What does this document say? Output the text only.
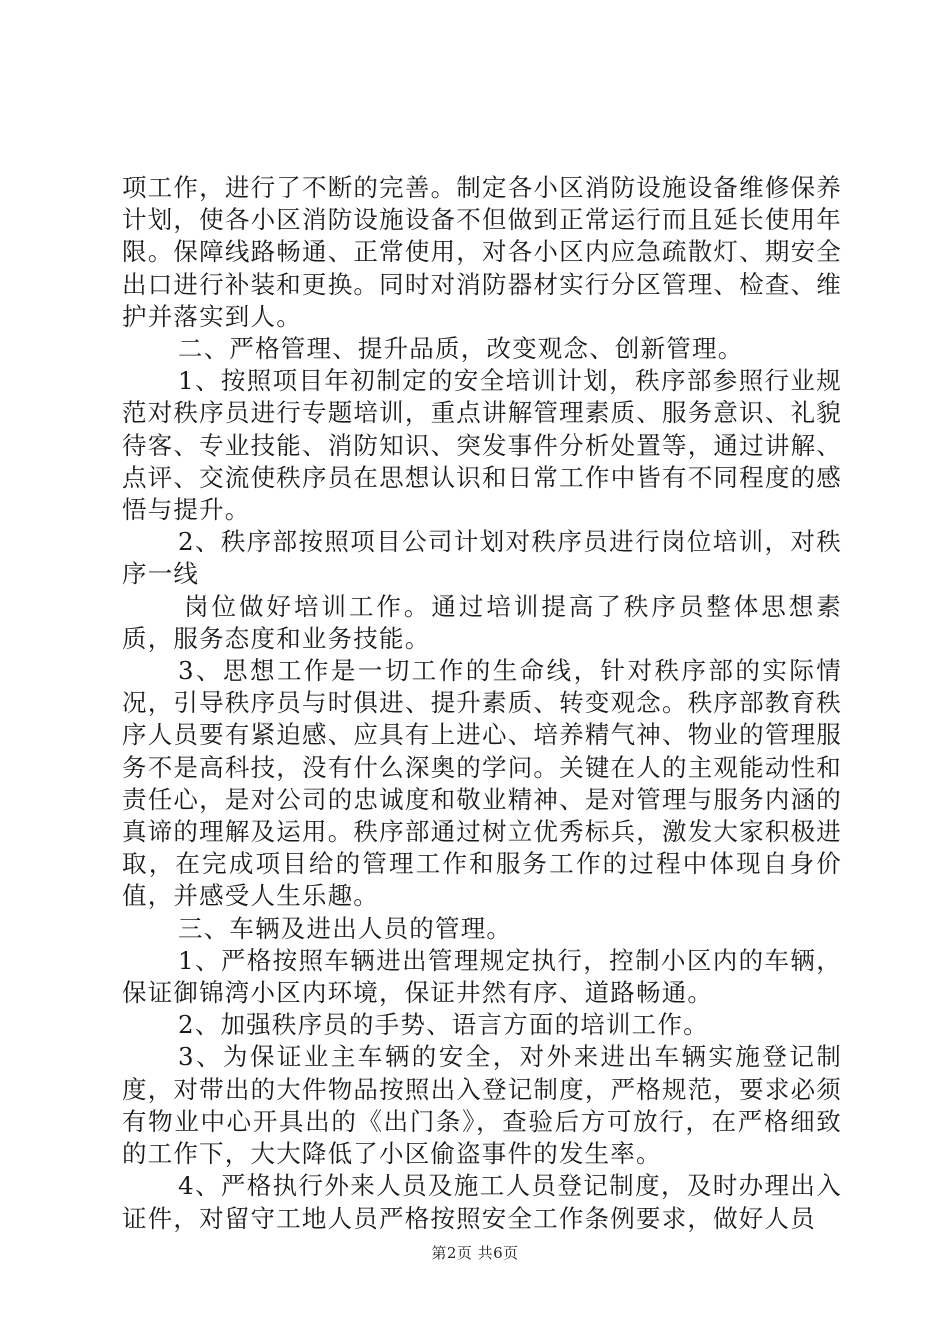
项工作，进行了不断的完善。制定各小区消防设施设备维修保养计划，使各小区消防设施设备不但做到正常运行而且延长使用年限。保障线路畅通、正常使用，对各小区内应急疏散灯、期安全出口进行补装和更换。同时对消防器材实行分区管理、检查、维护并落实到人。

二、严格管理、提升品质，改变观念、创新管理。

1、按照项目年初制定的安全培训计划，秩序部参照行业规范对秩序员进行专题培训，重点讲解管理素质、服务意识、礼貌待客、专业技能、消防知识、突发事件分析处置等，通过讲解、点评、交流使秩序员在思想认识和日常工作中皆有不同程度的感悟与提升。

2、秩序部按照项目公司计划对秩序员进行岗位培训，对秩序一线

岗位做好培训工作。通过培训提高了秩序员整体思想素质，服务态度和业务技能。

3、思想工作是一切工作的生命线，针对秩序部的实际情况，引导秩序员与时俱进、提升素质、转变观念。秩序部教育秩序人员要有紧迫感、应具有上进心、培养精气神、物业的管理服务不是高科技，没有什么深奥的学问。关键在人的主观能动性和责任心，是对公司的忠诚度和敬业精神、是对管理与服务内涵的真谛的理解及运用。秩序部通过树立优秀标兵，激发大家积极进取，在完成项目给的管理工作和服务工作的过程中体现自身价值，并感受人生乐趣。

三、车辆及进出人员的管理。

1、严格按照车辆进出管理规定执行，控制小区内的车辆，保证御锦湾小区内环境，保证井然有序、道路畅通。

2、加强秩序员的手势、语言方面的培训工作。

3、为保证业主车辆的安全，对外来进出车辆实施登记制度，对带出的大件物品按照出入登记制度，严格规范，要求必须有物业中心开具出的《出门条》，查验后方可放行，在严格细致的工作下，大大降低了小区偷盗事件的发生率。

4、严格执行外来人员及施工人员登记制度，及时办理出入证件，对留守工地人员严格按照安全工作条例要求，做好人员

第2页 共6页
